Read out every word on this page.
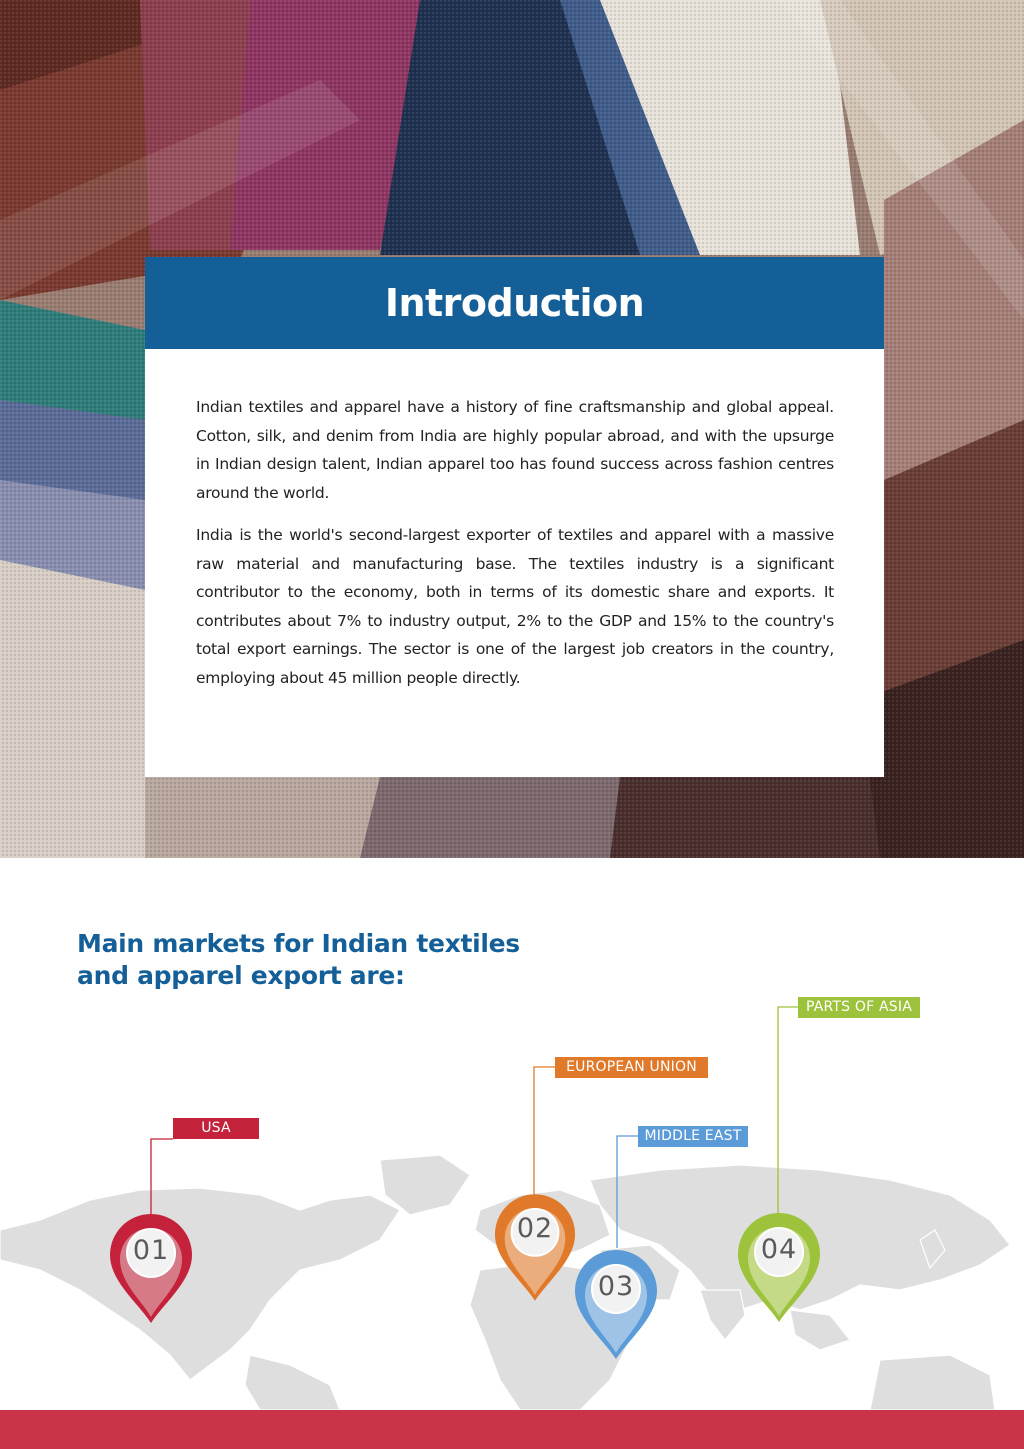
Introduction

Indian textiles and apparel have a history of fine craftsmanship and global appeal. Cotton, silk, and denim from India are highly popular abroad, and with the upsurge in Indian design talent, Indian apparel too has found success across fashion centres around the world.

India is the world's second-largest exporter of textiles and apparel with a massive raw material and manufacturing base. The textiles industry is a significant contributor to the economy, both in terms of its domestic share and exports. It contributes about 7% to industry output, 2% to the GDP and 15% to the country's total export earnings. The sector is one of the largest job creators in the country, employing about 45 million people directly.

Main markets for Indian textiles
and apparel export are:
USA
EUROPEAN UNION
MIDDLE EAST
PARTS OF ASIA
01
02
03
04
